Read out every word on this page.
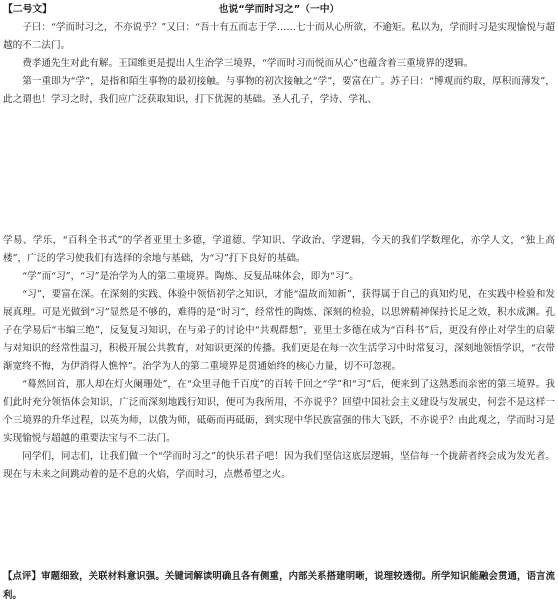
【二号文】	也说“学而时习之”（一中）

子曰：“学而时习之，不亦说乎？”又曰：“吾十有五而志于学……七十而从心所欲，不逾矩。私以为，学而时习是实现愉悦与超越的不二法门。

费孝通先生对此有解。王国维更是提出人生治学三境界，“学而时习而悦而从心”也蕴含着三重境界的逻辑。

第一重即为“学”，是指和陌生事物的最初接触。与事物的初次接触之“学”，要富在广。苏子曰：“博观而约取，厚积而薄发”，此之谓也！学习之时，我们应广泛获取知识，打下优渥的基础。圣人孔子，学诗、学礼、

学易、学乐，“百科全书式”的学者亚里士多德，学道德、学知识、学政治、学逻辑，今天的我们学数理化，亦学人文，“独上高楼”，广泛的学习使我们有选择的余地与基础，为“习”打下良好的基础。

“学”而“习”，“习”是治学为人的第二重境界。陶炼、反复品味体会，即为“习”。

“习”，要富在深。在深刻的实践、体验中领悟初学之知识，才能“温故而知新”，获得属于自己的真知灼见，在实践中检验和发展真理。可是光做到“习”显然是不够的，难得的是“时习”，经常性的陶炼、深刻的检验，以思辨精神保持长足之效，积水成渊。孔子在学易后“韦编三绝”，反复复习知识，在与弟子的讨论中“共观群想”，亚里士多德在成为“百科书”后，更没有停止对学生的启蒙与对知识的经常性温习，积极开展公共教育，对知识更深的传播。我们更是在每一次生活学习中时常复习，深刻地领悟学识，“衣带渐宽终不悔，为伊消得人憔悴”。治学为人的第二重境界是贯通始终的核心力量，切不可忽视。

“蓦然回首，那人却在灯火阑珊处”，在“众里寻他千百度”的百转千回之“学”和“习”后，便来到了这熟悉而亲密的第三境界。我们此时充分领悟体会知识，广泛而深刻地践行知识，便可为我所用，不亦说乎？回望中国社会主义建设与发展史，何尝不是这样一个三境界的升华过程，以英为师，以俄为师，砥砺而再砥砺，到实现中华民族富强的伟大飞跃，不亦说乎？由此观之，学而时习是实现愉悦与超越的重要法宝与不二法门。

同学们，同志们，让我们做一个“学而时习之”的快乐君子吧！因为我们坚信这底层逻辑，坚信每一个拢薪者终会成为发光者。现在与未来之间跳动着的是不息的火焰，学而时习，点燃希望之火。

【点评】审题细致，关联材料意识强。关键词解读明确且各有侧重，内部关系搭建明晰，说理较透彻。所学知识能融会贯通，语言流利。
